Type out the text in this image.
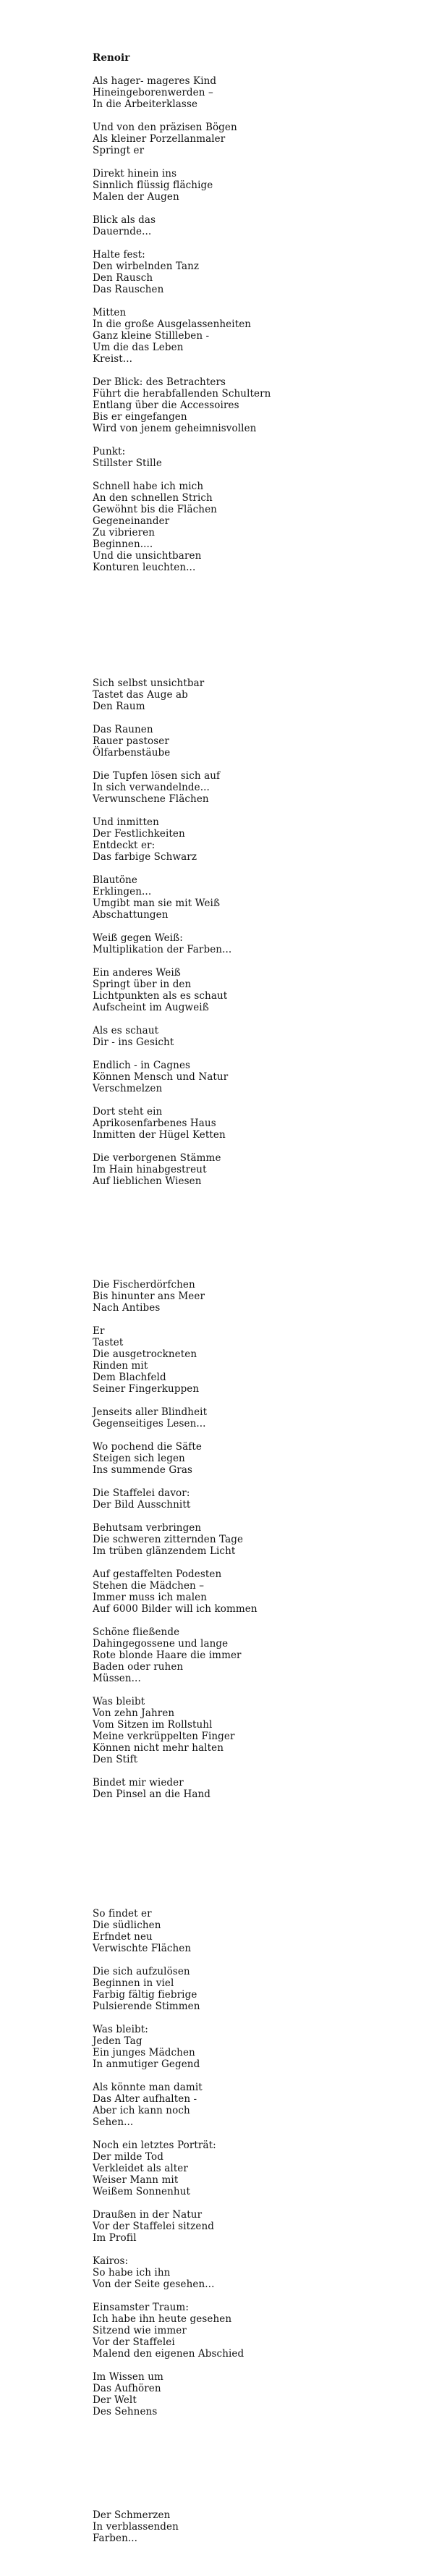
Renoir
Als hager- mageres Kind
Hineingeborenwerden –
In die Arbeiterklasse
Und von den präzisen Bögen
Als kleiner Porzellanmaler
Springt er
Direkt hinein ins
Sinnlich flüssig flächige
Malen der Augen
Blick als das
Dauernde...
Halte fest:
Den wirbelnden Tanz
Den Rausch
Das Rauschen
Mitten
In die große Ausgelassenheiten
Ganz kleine Stillleben -
Um die das Leben
Kreist...
Der Blick: des Betrachters
Führt die herabfallenden Schultern
Entlang über die Accessoires
Bis er eingefangen
Wird von jenem geheimnisvollen
Punkt:
Stillster Stille
Schnell habe ich mich
An den schnellen Strich
Gewöhnt bis die Flächen
Gegeneinander
Zu vibrieren
Beginnen....
Und die unsichtbaren
Konturen leuchten...
Sich selbst unsichtbar
Tastet das Auge ab
Den Raum
Das Raunen
Rauer pastoser
Ölfarbenstäube
Die Tupfen lösen sich auf
In sich verwandelnde...
Verwunschene Flächen
Und inmitten
Der Festlichkeiten
Entdeckt er:
Das farbige Schwarz
Blautöne
Erklingen...
Umgibt man sie mit Weiß
Abschattungen
Weiß gegen Weiß:
Multiplikation der Farben...
Ein anderes Weiß
Springt über in den
Lichtpunkten als es schaut
Aufscheint im Augweiß
Als es schaut
Dir - ins Gesicht
Endlich - in Cagnes
Können Mensch und Natur
Verschmelzen
Dort steht ein
Aprikosenfarbenes Haus
Inmitten der Hügel Ketten
Die verborgenen Stämme
Im Hain hinabgestreut
Auf lieblichen Wiesen
Die Fischerdörfchen
Bis hinunter ans Meer
Nach Antibes
Er
Tastet
Die ausgetrockneten
Rinden mit
Dem Blachfeld
Seiner Fingerkuppen
Jenseits aller Blindheit
Gegenseitiges Lesen...
Wo pochend die Säfte
Steigen sich legen
Ins summende Gras
Die Staffelei davor:
Der Bild Ausschnitt
Behutsam verbringen
Die schweren zitternden Tage
Im trüben glänzendem Licht
Auf gestaffelten Podesten
Stehen die Mädchen –
Immer muss ich malen
Auf 6000 Bilder will ich kommen
Schöne fließende
Dahingegossene und lange
Rote blonde Haare die immer
Baden oder ruhen
Müssen...
Was bleibt
Von zehn Jahren
Vom Sitzen im Rollstuhl
Meine verkrüppelten Finger
Können nicht mehr halten
Den Stift
Bindet mir wieder
Den Pinsel an die Hand
So findet er
Die südlichen
Erfndet neu
Verwischte Flächen
Die sich aufzulösen
Beginnen in viel
Farbig fältig fiebrige
Pulsierende Stimmen
Was bleibt:
Jeden Tag
Ein junges Mädchen
In anmutiger Gegend
Als könnte man damit
Das Alter aufhalten -
Aber ich kann noch
Sehen...
Noch ein letztes Porträt:
Der milde Tod
Verkleidet als alter
Weiser Mann mit
Weißem Sonnenhut
Draußen in der Natur
Vor der Staffelei sitzend
Im Profil
Kairos:
So habe ich ihn
Von der Seite gesehen...
Einsamster Traum:
Ich habe ihn heute gesehen
Sitzend wie immer
Vor der Staffelei
Malend den eigenen Abschied
Im Wissen um
Das Aufhören
Der Welt
Des Sehnens
Der Schmerzen
In verblassenden
Farben...
